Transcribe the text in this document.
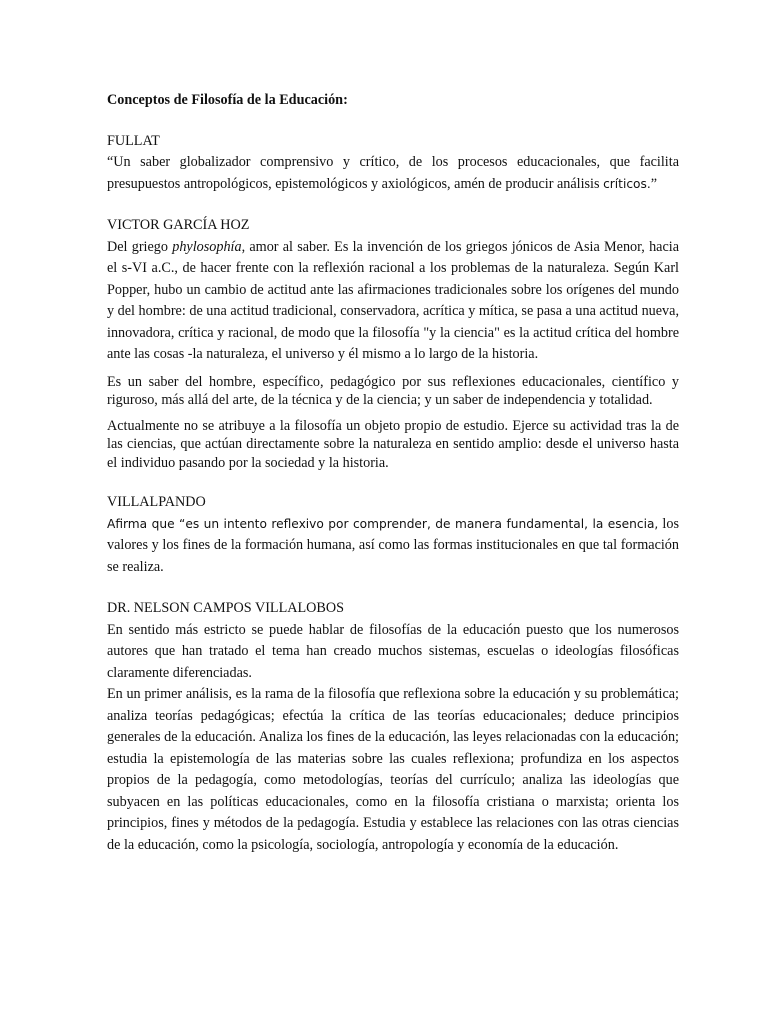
Conceptos de Filosofía de la Educación:

FULLAT

“Un saber globalizador comprensivo y crítico, de los procesos educacionales, que facilita presupuestos antropológicos, epistemológicos y axiológicos, amén de producir análisis críticos.”

VICTOR GARCÍA HOZ

Del griego phylosophía, amor al saber. Es la invención de los griegos jónicos de Asia Menor, hacia el s-VI a.C., de hacer frente con la reflexión racional a los problemas de la naturaleza. Según Karl Popper, hubo un cambio de actitud ante las afirmaciones tradicionales sobre los orígenes del mundo y del hombre: de una actitud tradicional, conservadora, acrítica y mítica, se pasa a una actitud nueva, innovadora, crítica y racional, de modo que la filosofía "y la ciencia" es la actitud crítica del hombre ante las cosas -la naturaleza, el universo y él mismo a lo largo de la historia.

Es un saber del hombre, específico, pedagógico por sus reflexiones educacionales, científico y riguroso, más allá del arte, de la técnica y de la ciencia; y un saber de independencia y totalidad.

Actualmente no se atribuye a la filosofía un objeto propio de estudio. Ejerce su actividad tras la de las ciencias, que actúan directamente sobre la naturaleza en sentido amplio: desde el universo hasta el individuo pasando por la sociedad y la historia.

VILLALPANDO

Afirma que “es un intento reflexivo por comprender, de manera fundamental, la esencia, los valores y los fines de la formación humana, así como las formas institucionales en que tal formación se realiza.

DR. NELSON CAMPOS VILLALOBOS

En sentido más estricto se puede hablar de filosofías de la educación puesto que los numerosos autores que han tratado el tema han creado muchos sistemas, escuelas o ideologías filosóficas claramente diferenciadas.

En un primer análisis, es la rama de la filosofía que reflexiona sobre la educación y su problemática; analiza teorías pedagógicas; efectúa la crítica de las teorías educacionales; deduce principios generales de la educación. Analiza los fines de la educación, las leyes relacionadas con la educación; estudia la epistemología de las materias sobre las cuales reflexiona; profundiza en los aspectos propios de la pedagogía, como metodologías, teorías del currículo; analiza las ideologías que subyacen en las políticas educacionales, como en la filosofía cristiana o marxista; orienta los principios, fines y métodos de la pedagogía. Estudia y establece las relaciones con las otras ciencias de la educación, como la psicología, sociología, antropología y economía de la educación.
